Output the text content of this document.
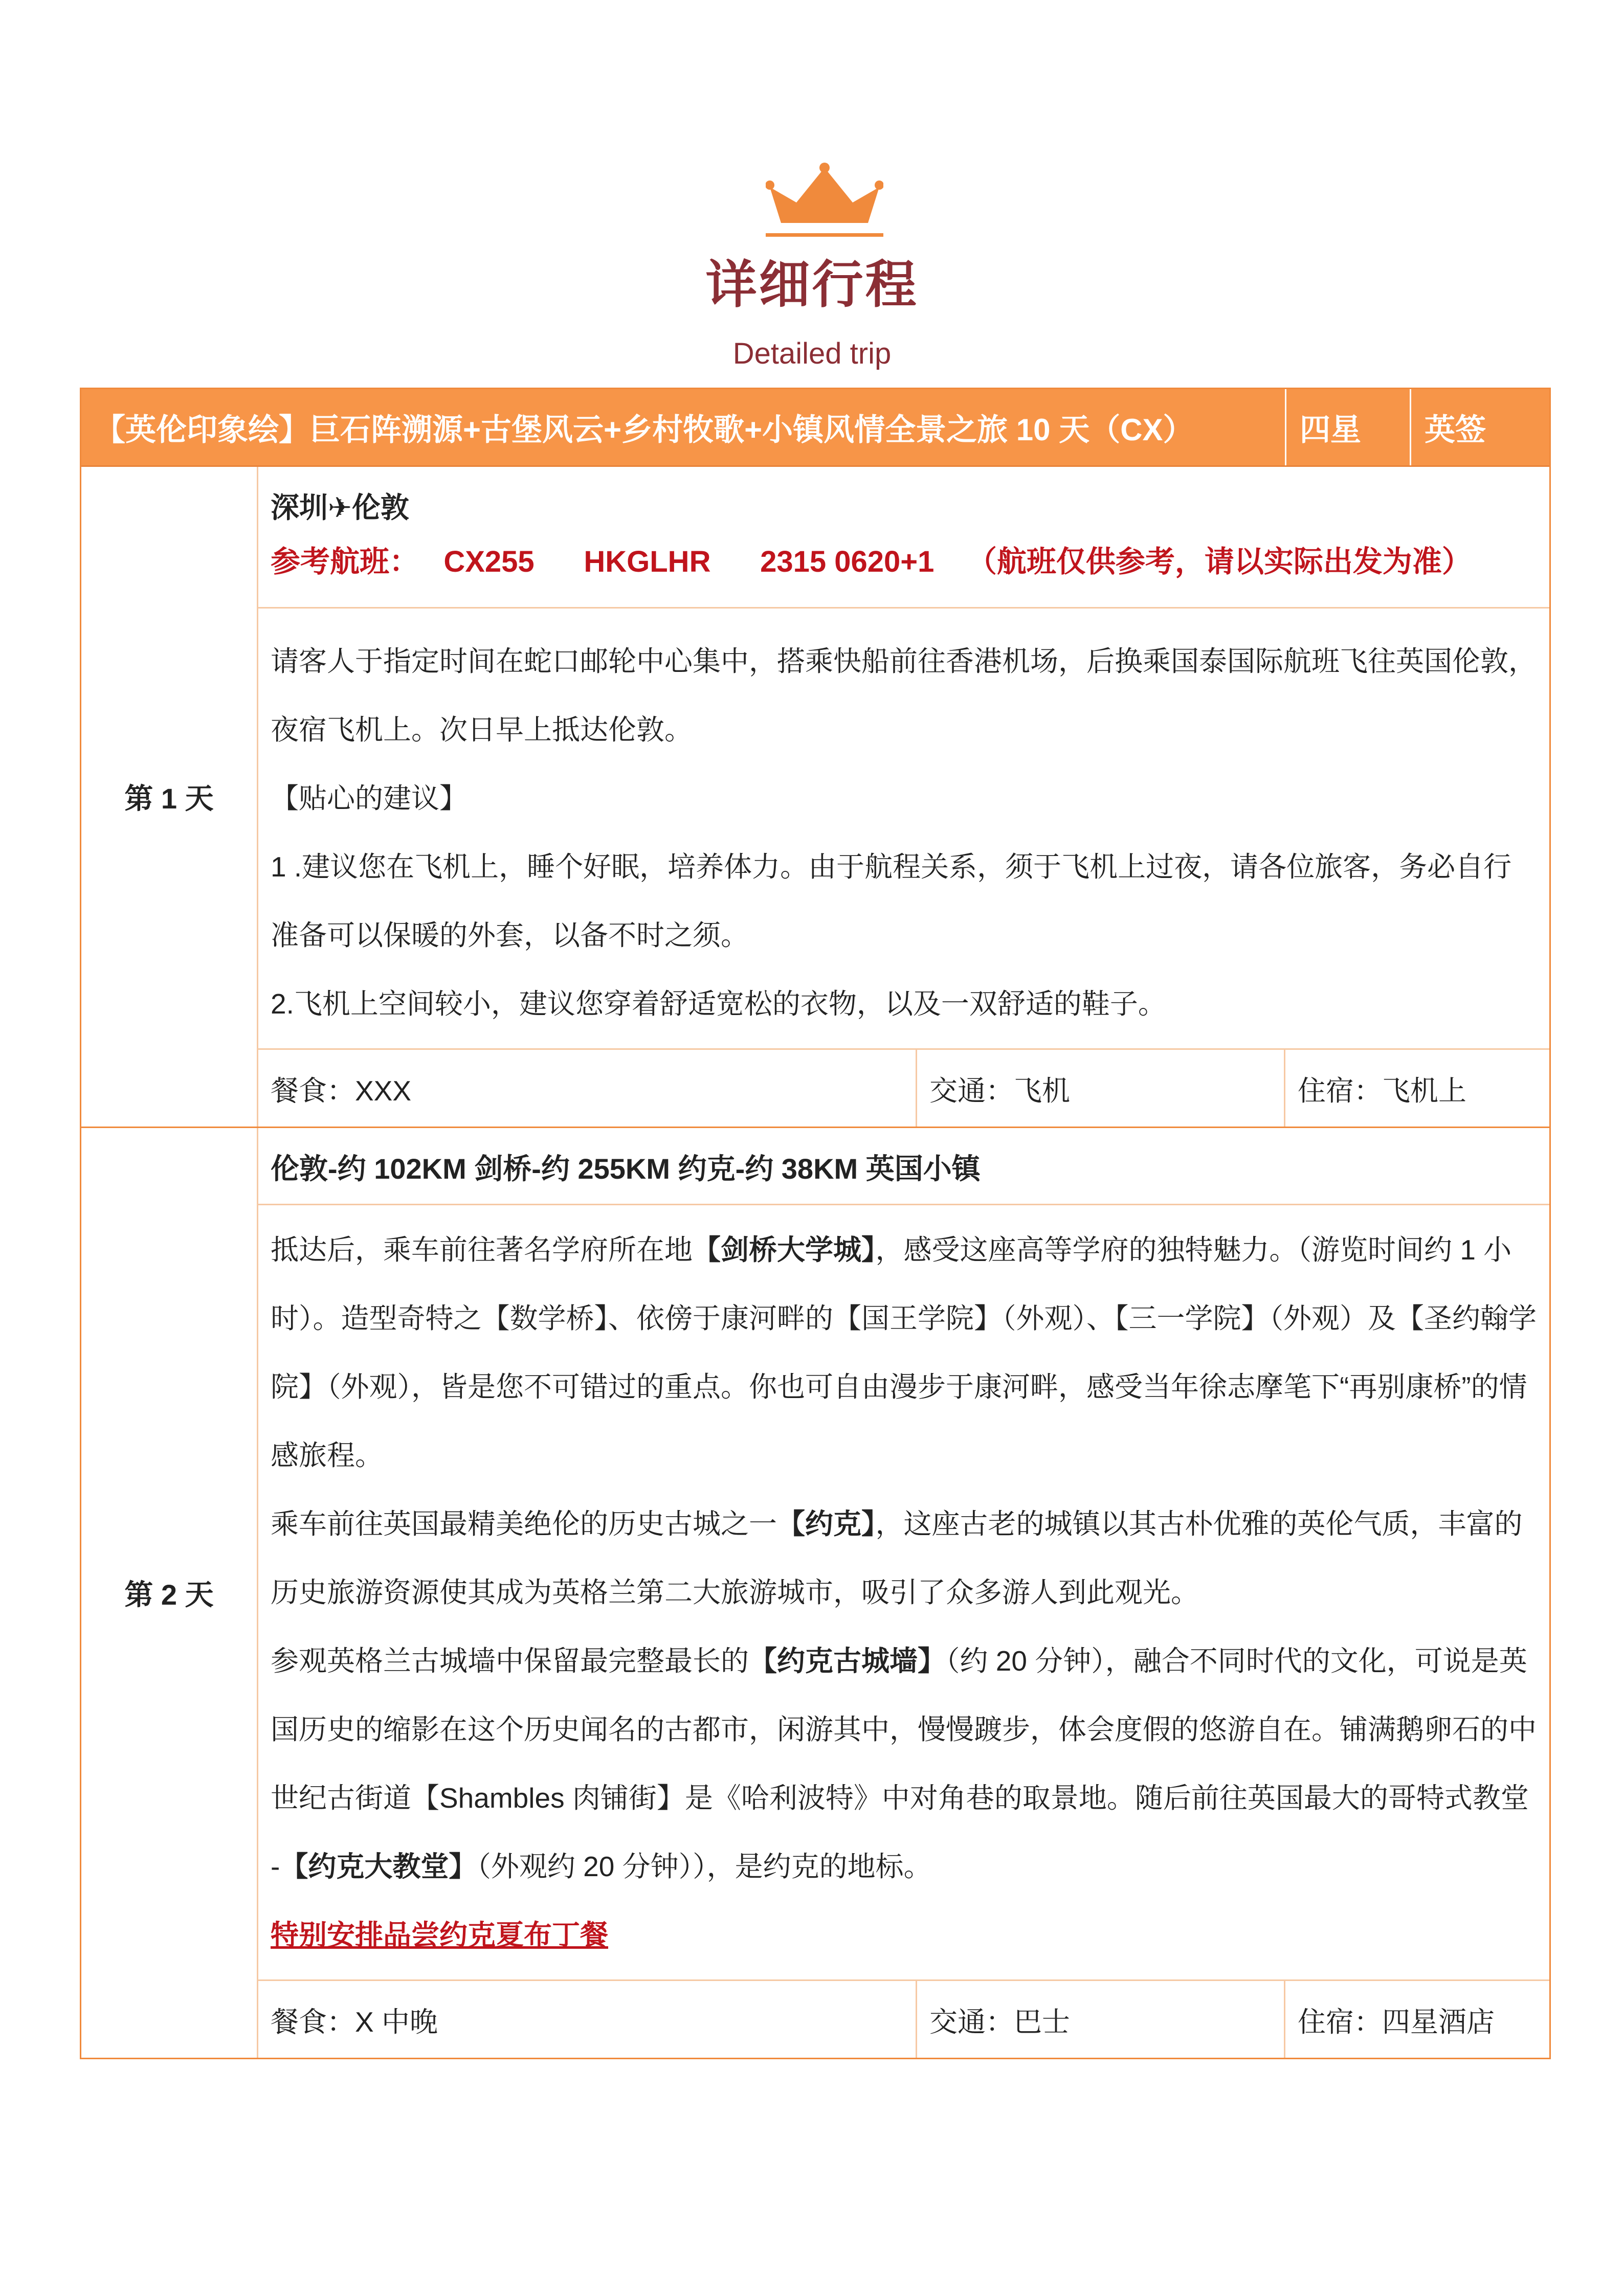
详细行程
Detailed trip
【英伦印象绘】巨石阵溯源+古堡风云+乡村牧歌+小镇风情全景之旅 10 天（CX）	四星	英签
第 1 天
深圳✈伦敦
参考航班：   CX255      HKGLHR      2315 0620+1    （航班仅供参考，请以实际出发为准）

请客人于指定时间在蛇口邮轮中心集中，搭乘快船前往香港机场，后换乘国泰国际航班飞往英国伦敦，夜宿飞机上。次日早上抵达伦敦。

【贴心的建议】

1 .建议您在飞机上，睡个好眠，培养体力。由于航程关系，须于飞机上过夜，请各位旅客，务必自行准备可以保暖的外套，以备不时之须。

2.飞机上空间较小，建议您穿着舒适宽松的衣物，以及一双舒适的鞋子。

餐食：XXX	交通：飞机	住宿：飞机上
第 2 天
伦敦-约 102KM 剑桥-约 255KM 约克-约 38KM 英国小镇

抵达后，乘车前往著名学府所在地【剑桥大学城】，感受这座高等学府的独特魅力。（游览时间约 1 小时）。造型奇特之【数学桥】、依傍于康河畔的【国王学院】（外观）、【三一学院】（外观）及【圣约翰学院】（外观），皆是您不可错过的重点。你也可自由漫步于康河畔，感受当年徐志摩笔下“再别康桥”的情感旅程。

乘车前往英国最精美绝伦的历史古城之一【约克】，这座古老的城镇以其古朴优雅的英伦气质，丰富的历史旅游资源使其成为英格兰第二大旅游城市，吸引了众多游人到此观光。

参观英格兰古城墙中保留最完整最长的【约克古城墙】（约 20 分钟），融合不同时代的文化，可说是英国历史的缩影在这个历史闻名的古都市，闲游其中，慢慢踱步，体会度假的悠游自在。铺满鹅卵石的中世纪古街道【Shambles 肉铺街】是《哈利波特》中对角巷的取景地。随后前往英国最大的哥特式教堂 -【约克大教堂】（外观约 20 分钟）），是约克的地标。

特别安排品尝约克夏布丁餐

餐食：X 中晚	交通：巴士	住宿：四星酒店
